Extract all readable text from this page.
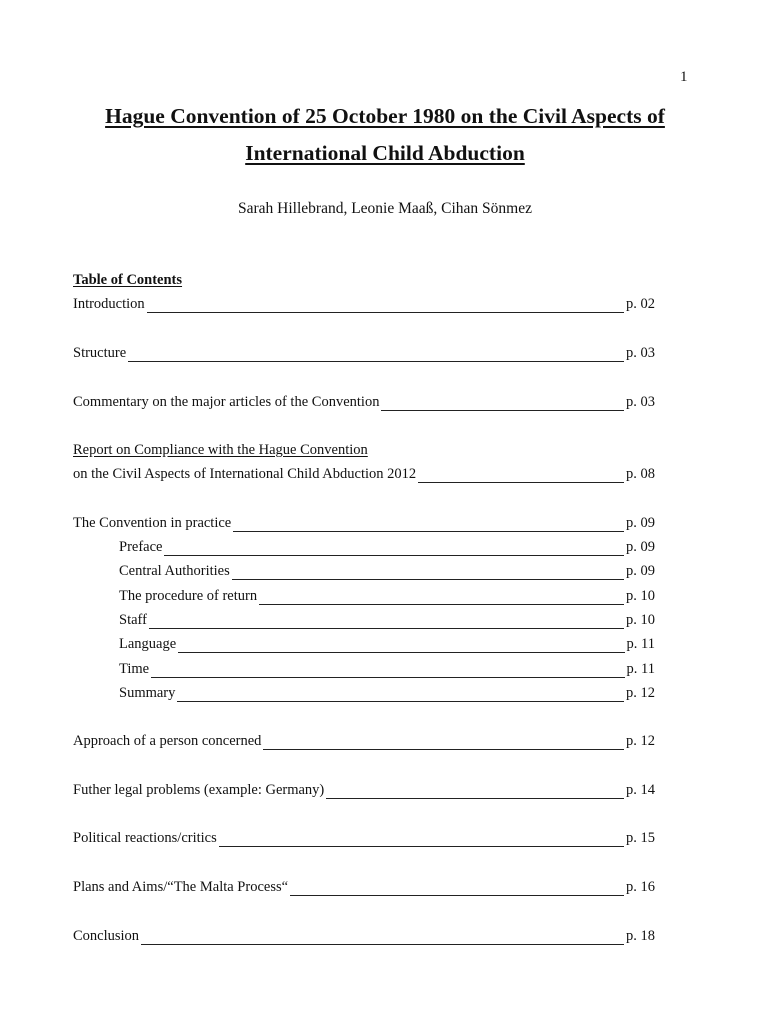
1
Hague Convention of 25 October 1980 on the Civil Aspects of
International Child Abduction
Sarah Hillebrand, Leonie Maaß, Cihan Sönmez
Table of Contents
Introduction	p. 02
Structure	p. 03
Commentary on the major articles of the Convention	p. 03
Report on Compliance with the Hague Convention
on the Civil Aspects of International Child Abduction 2012	p. 08
The Convention in practice	p. 09
Preface	p. 09
Central Authorities	p. 09
The procedure of return	p. 10
Staff	p. 10
Language	p. 11
Time	p. 11
Summary	p. 12
Approach of a person concerned	p. 12
Futher legal problems (example: Germany)	p. 14
Political reactions/critics	p. 15
Plans and Aims/“The Malta Process“	p. 16
Conclusion	p. 18
